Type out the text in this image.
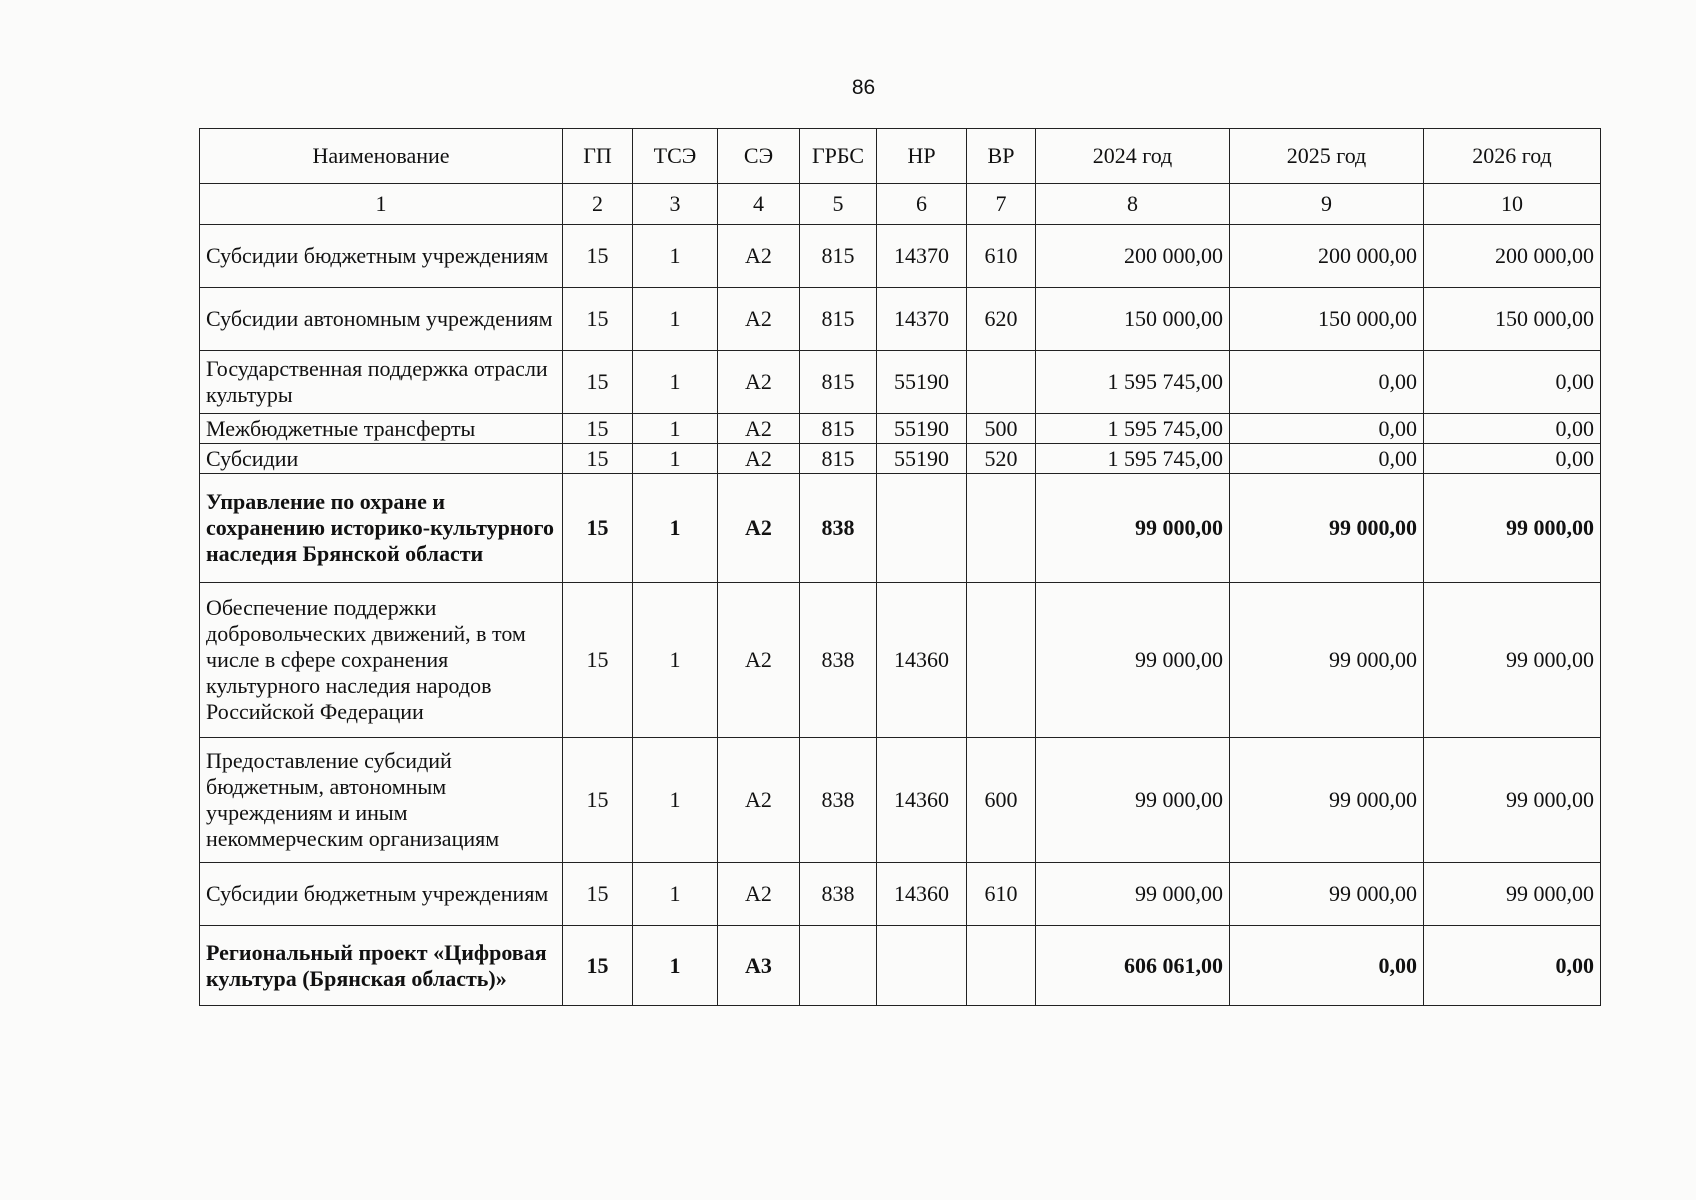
86
Наименование	ГП	ТСЭ	СЭ	ГРБС	НР	ВР	2024 год	2025 год	2026 год
1	2	3	4	5	6	7	8	9	10
Субсидии бюджетным учреждениям	15	1	А2	815	14370	610	200 000,00	200 000,00	200 000,00
Субсидии автономным учреждениям	15	1	А2	815	14370	620	150 000,00	150 000,00	150 000,00
Государственная поддержка отрасли культуры	15	1	А2	815	55190		1 595 745,00	0,00	0,00
Межбюджетные трансферты	15	1	А2	815	55190	500	1 595 745,00	0,00	0,00
Субсидии	15	1	А2	815	55190	520	1 595 745,00	0,00	0,00
Управление по охране и сохранению историко-культурного наследия Брянской области	15	1	А2	838			99 000,00	99 000,00	99 000,00
Обеспечение поддержки добровольческих движений, в том числе в сфере сохранения культурного наследия народов Российской Федерации	15	1	А2	838	14360		99 000,00	99 000,00	99 000,00
Предоставление субсидий бюджетным, автономным учреждениям и иным некоммерческим организациям	15	1	А2	838	14360	600	99 000,00	99 000,00	99 000,00
Субсидии бюджетным учреждениям	15	1	А2	838	14360	610	99 000,00	99 000,00	99 000,00
Региональный проект «Цифровая культура (Брянская область)»	15	1	А3				606 061,00	0,00	0,00
